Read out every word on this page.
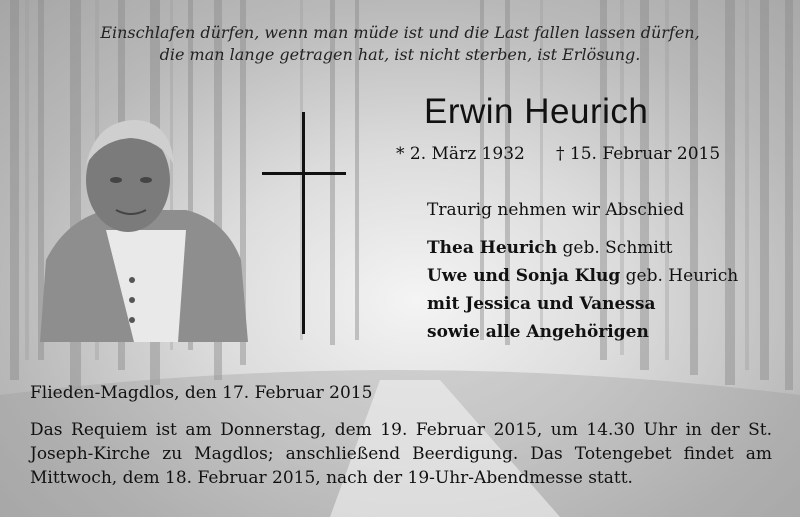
Einschlafen dürfen, wenn man müde ist und die Last fallen lassen dürfen,
die man lange getragen hat, ist nicht sterben, ist Erlösung.
Erwin Heurich
* 2. März 1932 † 15. Februar 2015
Traurig nehmen wir Abschied
Thea Heurich geb. Schmitt
Uwe und Sonja Klug geb. Heurich
mit Jessica und Vanessa
sowie alle Angehörigen
Flieden-Magdlos, den 17. Februar 2015
Das Requiem ist am Donnerstag, dem 19. Februar 2015, um 14.30 Uhr in der St. Joseph-Kirche zu Magdlos; anschließend Beerdigung. Das Totengebet findet am Mittwoch, dem 18. Februar 2015, nach der 19-Uhr-Abendmesse statt.
